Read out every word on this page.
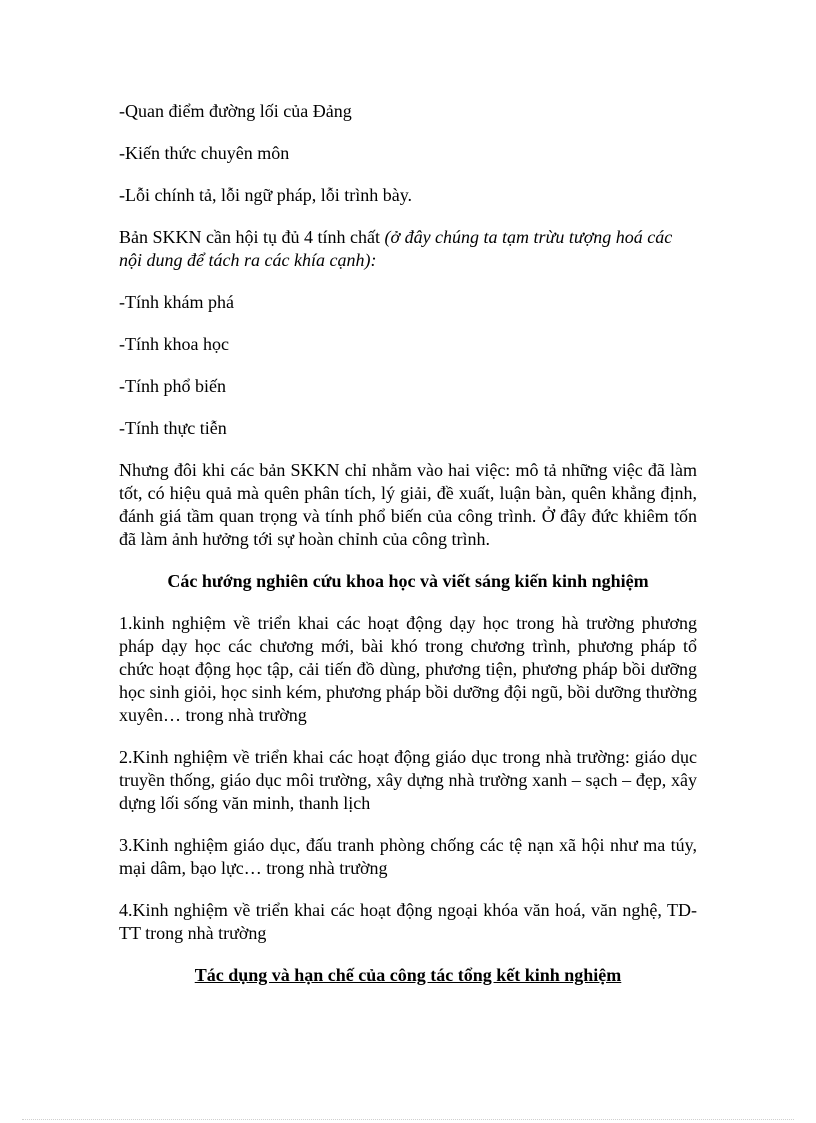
-Quan điểm đường lối của Đảng

-Kiến thức chuyên môn

-Lỗi chính tả, lỗi ngữ pháp, lỗi trình bày.

Bản SKKN cần hội tụ đủ 4 tính chất (ở đây chúng ta tạm trừu tượng hoá các nội dung để tách ra các khía cạnh):

-Tính khám phá

-Tính khoa học

-Tính phổ biến

-Tính thực tiễn

Nhưng đôi khi các bản SKKN chỉ nhằm vào hai việc: mô tả những việc đã làm tốt, có hiệu quả mà quên phân tích, lý giải, đề xuất, luận bàn, quên khẳng định, đánh giá tầm quan trọng và tính phổ biến của công trình. Ở đây đức khiêm tốn đã làm ảnh hưởng tới sự hoàn chỉnh của công trình.

Các hướng nghiên cứu khoa học và viết sáng kiến kinh nghiệm

1.kinh nghiệm về triển khai các hoạt động dạy học trong hà trường phương pháp dạy học các chương mới, bài khó trong chương trình, phương pháp tổ chức hoạt động học tập, cải tiến đồ dùng, phương tiện, phương pháp bồi dưỡng học sinh giỏi, học sinh kém, phương pháp bồi dưỡng đội ngũ, bồi dưỡng thường xuyên… trong nhà trường

2.Kinh nghiệm về triển khai các hoạt động giáo dục trong nhà trường: giáo dục truyền thống, giáo dục môi trường, xây dựng nhà trường xanh – sạch – đẹp, xây dựng lối sống văn minh, thanh lịch

3.Kinh nghiệm giáo dục, đấu tranh phòng chống các tệ nạn xã hội như ma túy, mại dâm, bạo lực… trong nhà trường

4.Kinh nghiệm về triển khai các hoạt động ngoại khóa văn hoá, văn nghệ, TD- TT trong nhà trường

Tác dụng và hạn chế của công tác tổng kết kinh nghiệm
